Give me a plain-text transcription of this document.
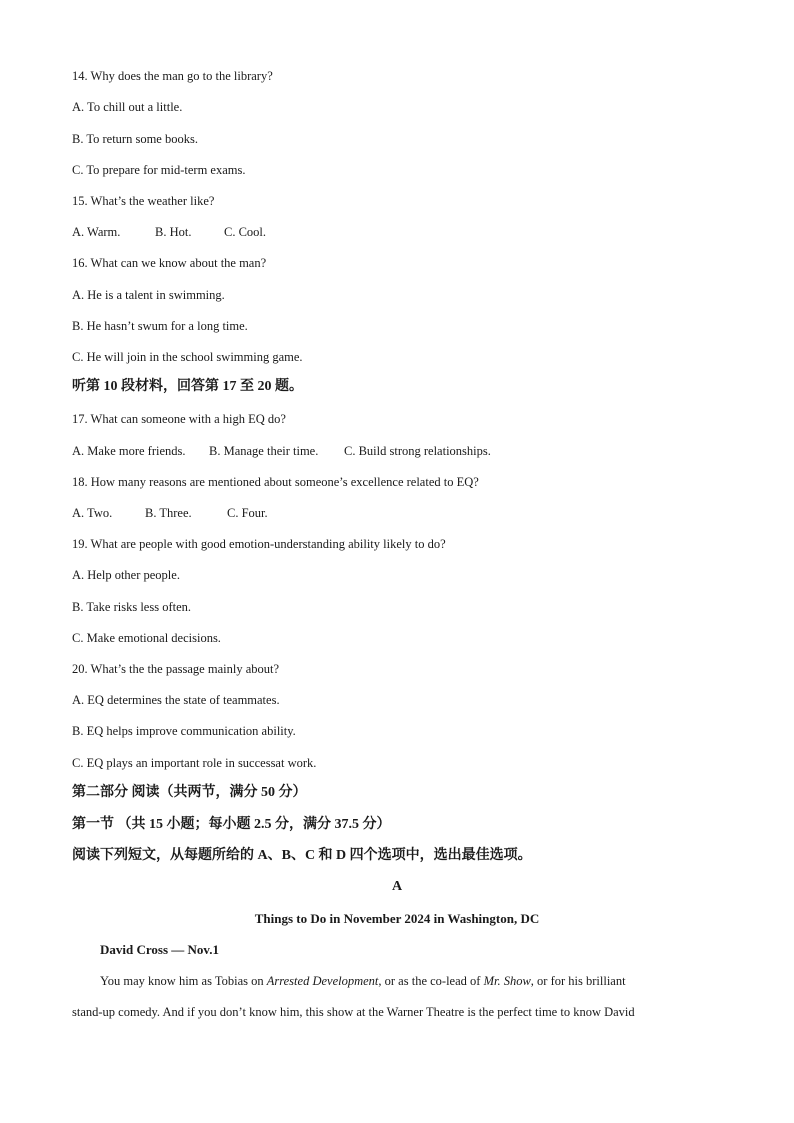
14. Why does the man go to the library?
A. To chill out a little.
B. To return some books.
C. To prepare for mid-term exams.
15. What’s the weather like?
A. Warm.	B. Hot.	C. Cool.
16. What can we know about the man?
A. He is a talent in swimming.
B. He hasn’t swum for a long time.
C. He will join in the school swimming game.
听第 10 段材料，回答第 17 至 20 题。
17. What can someone with a high EQ do?
A. Make more friends. B. Manage their time. C. Build strong relationships.
18. How many reasons are mentioned about someone’s excellence related to EQ?
A. Two.	B. Three.	C. Four.
19. What are people with good emotion-understanding ability likely to do?
A. Help other people.
B. Take risks less often.
C. Make emotional decisions.
20. What’s the the passage mainly about?
A. EQ determines the state of teammates.
B. EQ helps improve communication ability.
C. EQ plays an important role in successat work.
第二部分 阅读（共两节，满分 50 分）
第一节 （共 15 小题；每小题 2.5 分，满分 37.5 分）
阅读下列短文，从每题所给的 A、B、C 和 D 四个选项中，选出最佳选项。
A
Things to Do in November 2024 in Washington, DC
David Cross — Nov.1
You may know him as Tobias on Arrested Development, or as the co-lead of Mr. Show, or for his brilliant
stand-up comedy. And if you don’t know him, this show at the Warner Theatre is the perfect time to know David
